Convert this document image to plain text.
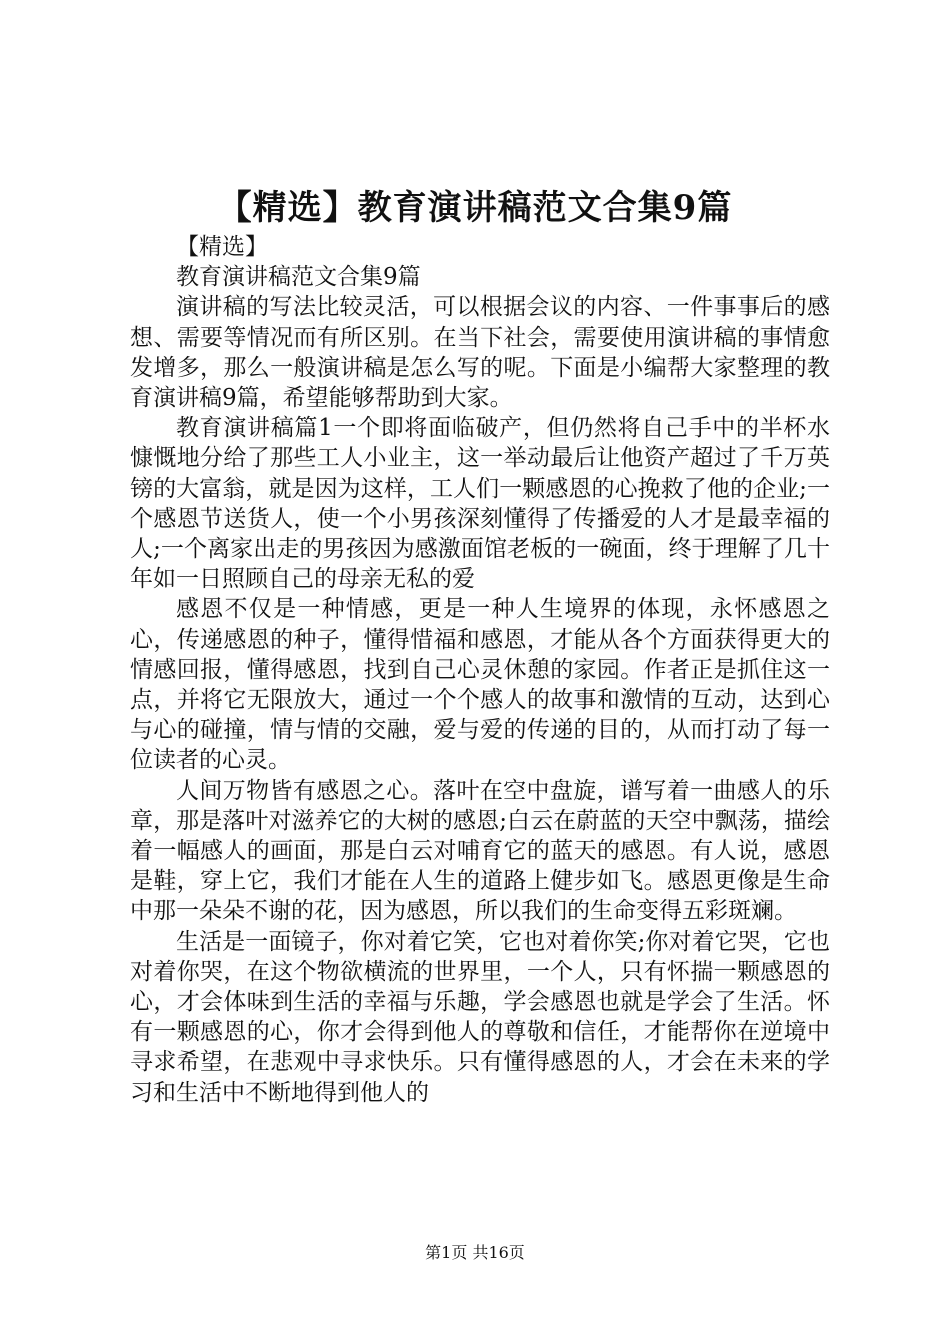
【精选】教育演讲稿范文合集9篇

【精选】

教育演讲稿范文合集9篇

演讲稿的写法比较灵活，可以根据会议的内容、一件事事后的感想、需要等情况而有所区别。在当下社会，需要使用演讲稿的事情愈发增多，那么一般演讲稿是怎么写的呢。下面是小编帮大家整理的教育演讲稿9篇，希望能够帮助到大家。

教育演讲稿篇1一个即将面临破产，但仍然将自己手中的半杯水慷慨地分给了那些工人小业主，这一举动最后让他资产超过了千万英镑的大富翁，就是因为这样，工人们一颗感恩的心挽救了他的企业;一个感恩节送货人，使一个小男孩深刻懂得了传播爱的人才是最幸福的人;一个离家出走的男孩因为感激面馆老板的一碗面，终于理解了几十年如一日照顾自己的母亲无私的爱

感恩不仅是一种情感，更是一种人生境界的体现，永怀感恩之心，传递感恩的种子，懂得惜福和感恩，才能从各个方面获得更大的情感回报，懂得感恩，找到自己心灵休憩的家园。作者正是抓住这一点，并将它无限放大，通过一个个感人的故事和激情的互动，达到心与心的碰撞，情与情的交融，爱与爱的传递的目的，从而打动了每一位读者的心灵。

人间万物皆有感恩之心。落叶在空中盘旋，谱写着一曲感人的乐章，那是落叶对滋养它的大树的感恩;白云在蔚蓝的天空中飘荡，描绘着一幅感人的画面，那是白云对哺育它的蓝天的感恩。有人说，感恩是鞋，穿上它，我们才能在人生的道路上健步如飞。感恩更像是生命中那一朵朵不谢的花，因为感恩，所以我们的生命变得五彩斑斓。

生活是一面镜子，你对着它笑，它也对着你笑;你对着它哭，它也对着你哭，在这个物欲横流的世界里，一个人，只有怀揣一颗感恩的心，才会体味到生活的幸福与乐趣，学会感恩也就是学会了生活。怀有一颗感恩的心，你才会得到他人的尊敬和信任，才能帮你在逆境中寻求希望，在悲观中寻求快乐。只有懂得感恩的人，才会在未来的学习和生活中不断地得到他人的

第1页 共16页
